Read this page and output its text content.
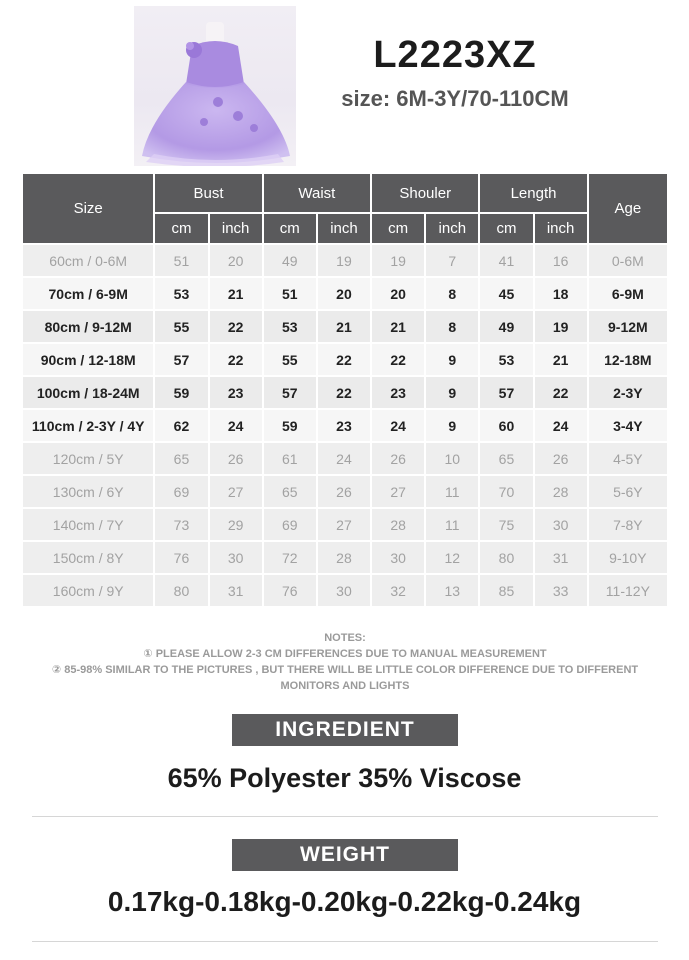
L2223XZ
size: 6M-3Y/70-110CM
Size	Bust		Waist		Shouler		Length		Age
	cm	inch	cm	inch	cm	inch	cm	inch	
60cm / 0-6M	51	20	49	19	19	7	41	16	0-6M
70cm / 6-9M	53	21	51	20	20	8	45	18	6-9M
80cm / 9-12M	55	22	53	21	21	8	49	19	9-12M
90cm / 12-18M	57	22	55	22	22	9	53	21	12-18M
100cm / 18-24M	59	23	57	22	23	9	57	22	2-3Y
110cm / 2-3Y / 4Y	62	24	59	23	24	9	60	24	3-4Y
120cm / 5Y	65	26	61	24	26	10	65	26	4-5Y
130cm / 6Y	69	27	65	26	27	11	70	28	5-6Y
140cm / 7Y	73	29	69	27	28	11	75	30	7-8Y
150cm / 8Y	76	30	72	28	30	12	80	31	9-10Y
160cm / 9Y	80	31	76	30	32	13	85	33	11-12Y
NOTES:
① PLEASE ALLOW 2-3 CM DIFFERENCES DUE TO MANUAL MEASUREMENT
② 85-98% SIMILAR TO THE PICTURES , BUT THERE WILL BE LITTLE COLOR DIFFERENCE DUE TO DIFFERENT
MONITORS AND LIGHTS
INGREDIENT
65% Polyester 35% Viscose
WEIGHT
0.17kg-0.18kg-0.20kg-0.22kg-0.24kg
